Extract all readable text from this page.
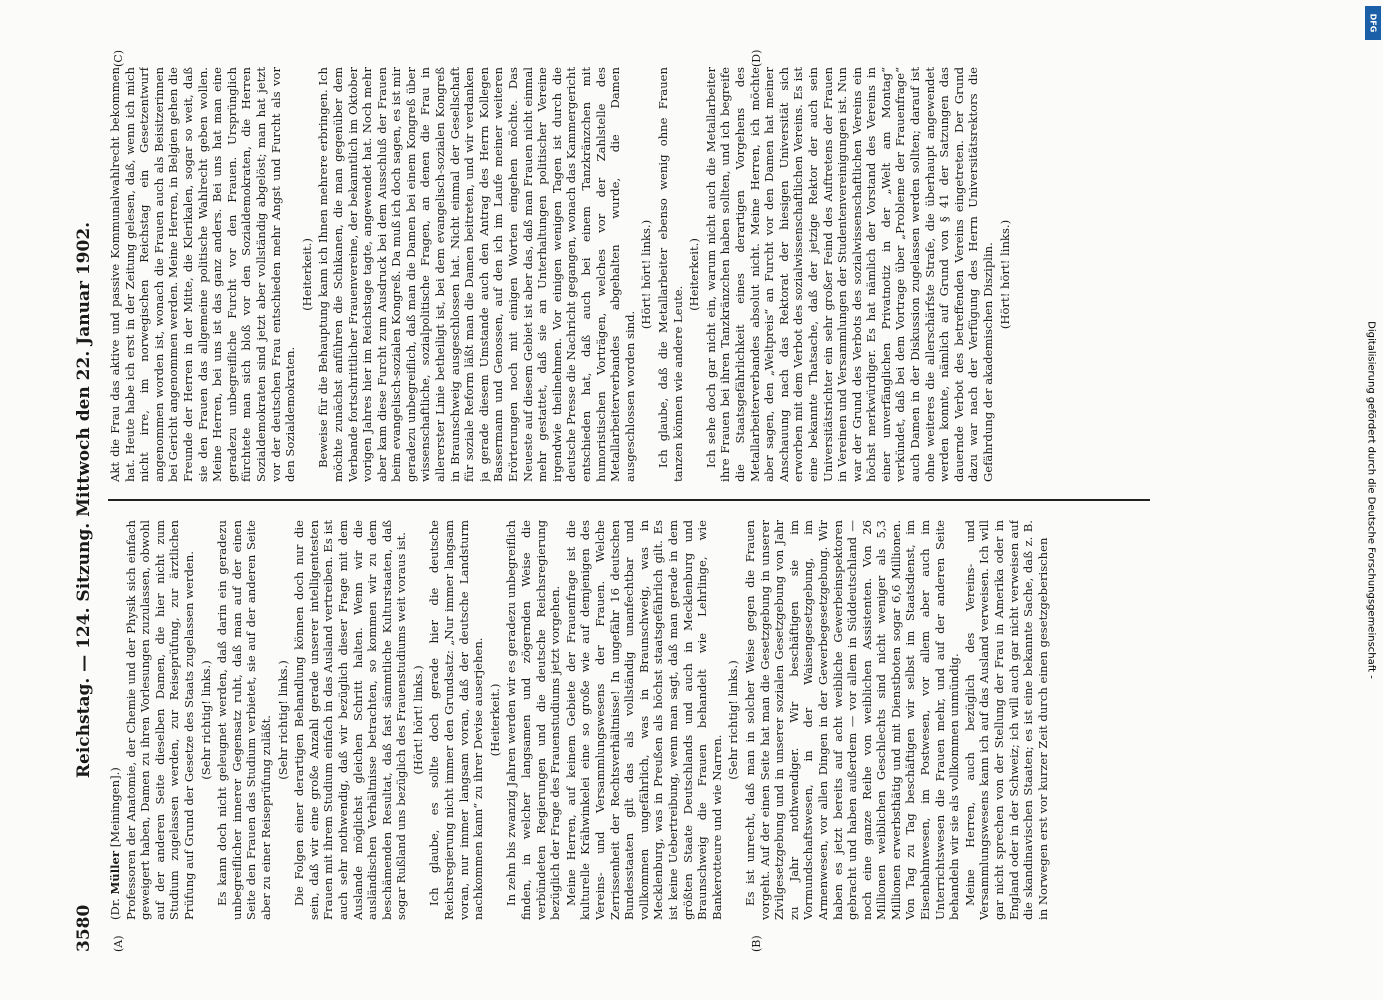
3580
Reichstag. — 124. Sitzung. Mittwoch den 22. Januar 1902.
(A)	(B)
(C)	(D)

(Dr. Müller [Meiningen].) Professoren der Anatomie, der Chemie und der Physik sich einfach geweigert haben, Damen zu ihren Vorlesungen zuzulassen, obwohl auf der anderen Seite dieselben Damen, die hier nicht zum Studium zugelassen werden, zur Reiseprüfung, zur ärztlichen Prüfung auf Grund der Gesetze des Staats zugelassen werden. (Sehr richtig! links.) Es kann doch nicht geleugnet werden, daß darin ein geradezu unbegreiflicher innerer Gegensatz ruht, daß man auf der einen Seite den Frauen das Studium verbietet, sie auf der anderen Seite aber zu einer Reiseprüfung zuläßt. (Sehr richtig! links.) Die Folgen einer derartigen Behandlung können doch nur die sein, daß wir eine große Anzahl gerade unserer intelligentesten Frauen mit ihrem Studium einfach in das Ausland vertreiben. Es ist auch sehr nothwendig, daß wir bezüglich dieser Frage mit dem Auslande möglichst gleichen Schritt halten. Wenn wir die ausländischen Verhältnisse betrachten, so kommen wir zu dem beschämenden Resultat, daß fast sämmtliche Kulturstaaten, daß sogar Rußland uns bezüglich des Frauenstudiums weit voraus ist. (Hört! hört! links.) Ich glaube, es sollte doch gerade hier die deutsche Reichsregierung nicht immer den Grundsatz: „Nur immer langsam voran, nur immer langsam voran, daß der deutsche Landsturm nachkommen kann“ zu ihrer Devise auserjehen. (Heiterkeit.) In zehn bis zwanzig Jahren werden wir es geradezu unbegreiflich finden, in welcher langsamen und zögernden Weise die verbündeten Regierungen und die deutsche Reichsregierung bezüglich der Frage des Frauenstudiums jetzt vorgehen. Meine Herren, auf keinem Gebiete der Frauenfrage ist die kulturelle Krähwinkelei eine so große wie auf demjenigen des Vereins- und Versammlungswesens der Frauen. Welche Zerrissenheit der Rechtsverhältnisse! In ungefähr 16 deutschen Bundesstaaten gilt das als vollständig unanfechtbar und vollkommen ungefährlich, was in Braunschweig, was in Mecklenburg, was in Preußen als höchst staatsgefährlich gilt. Es ist keine Uebertreibung, wenn man sagt, daß man gerade in dem größten Staate Deutschlands und auch in Mecklenburg und Braunschweig die Frauen behandelt wie Lehrlinge, wie Bankerotteure und wie Narren.

(Sehr richtig! links.) Es ist unrecht, daß man in solcher Weise gegen die Frauen vorgeht. Auf der einen Seite hat man die Gesetzgebung in unserer Zivilgesetzgebung und in unserer sozialen Gesetzgebung von Jahr zu Jahr nothwendiger. Wir beschäftigen sie im Vormundschaftswesen, in der Waisengesetzgebung, im Armenwesen, vor allen Dingen in der Gewerbegesetzgebung. Wir haben es jetzt bereits auf acht weibliche Gewerbeinspektoren gebracht und haben außerdem — vor allem in Süddeutschland — noch eine ganze Reihe von weiblichen Assistenten. Von 26 Millionen weiblichen Geschlechts sind nicht weniger als 5,3 Millionen erwerbsthätig und mit Dienstboten sogar 6,6 Millionen. Von Tag zu Tag beschäftigen wir selbst im Staatsdienst, im Eisenbahnwesen, im Postwesen, vor allem aber auch im Unterrichtswesen die Frauen mehr, und auf der anderen Seite behandeln wir sie als vollkommen unmündig. Meine Herren, auch bezüglich des Vereins- und Versammlungswesens kann ich auf das Ausland verweisen. Ich will gar nicht sprechen von der Stellung der Frau in Amerika oder in England oder in der Schweiz; ich will auch gar nicht verweisen auf die skandinavischen Staaten; es ist eine bekannte Sache, daß z. B. in Norwegen erst vor kurzer Zeit durch einen gesetzgeberischen

Akt die Frau das aktive und passive Kommunalwahlrecht bekommen hat. Heute habe ich erst in der Zeitung gelesen, daß, wenn ich mich nicht irre, im norwegischen Reichstag ein Gesetzentwurf angenommen worden ist, wonach die Frauen auch als Beisitzerinnen bei Gericht angenommen werden. Meine Herren, in Belgien gehen die Freunde der Herren in der Mitte, die Klerikalen, sogar so weit, daß sie den Frauen das allgemeine politische Wahlrecht geben wollen. Meine Herren, bei uns ist das ganz anders. Bei uns hat man eine geradezu unbegreifliche Furcht vor den Frauen. Ursprünglich fürchtete man sich bloß vor den Sozialdemokraten, die Herren Sozialdemokraten sind jetzt aber vollständig abgelöst; man hat jetzt vor der deutschen Frau entschieden mehr Angst und Furcht als vor den Sozialdemokraten.

(Heiterkeit.) Beweise für die Behauptung kann ich Ihnen mehrere erbringen. Ich möchte zunächst anführen die Schikanen, die man gegenüber dem Verbande fortschrittlicher Frauenvereine, der bekanntlich im Oktober vorigen Jahres hier im Reichstage tagte, angewendet hat. Noch mehr aber kam diese Furcht zum Ausdruck bei dem Ausschluß der Frauen beim evangelisch-sozialen Kongreß. Da muß ich doch sagen, es ist mir geradezu unbegreiflich, daß man die Damen bei einem Kongreß über wissenschaftliche, sozialpolitische Fragen, an denen die Frau in allererster Linie betheiligt ist, bei dem evangelisch-sozialen Kongreß in Braunschweig ausgeschlossen hat. Nicht einmal der Gesellschaft für soziale Reform läßt man die Damen beitreten, und wir verdanken ja gerade diesem Umstande auch den Antrag des Herrn Kollegen Bassermann und Genossen, auf den ich im Laufe meiner weiteren Erörterungen noch mit einigen Worten eingehen möchte. Das Neueste auf diesem Gebiet ist aber das, daß man Frauen nicht einmal mehr gestattet, daß sie an Unterhaltungen politischer Vereine irgendwie theilnehmen. Vor einigen wenigen Tagen ist durch die deutsche Presse die Nachricht gegangen, wonach das Kammergericht entschieden hat, daß auch bei einem Tanzkränzchen mit humoristischen Vorträgen, welches vor der Zahlstelle des Metallarbeiterverbandes abgehalten wurde, die Damen ausgeschlossen worden sind.

(Hört! hört! links.) Ich glaube, daß die Metallarbeiter ebenso wenig ohne Frauen tanzen können wie andere Leute.

(Heiterkeit.) Ich sehe doch gar nicht ein, warum nicht auch die Metallarbeiter ihre Frauen bei ihren Tanzkränzchen haben sollten, und ich begreife die Staatsgefährlichkeit eines derartigen Vorgehens des Metallarbeiterverbandes absolut nicht. Meine Herren, ich möchte aber sagen, den „Weltpreis“ an Furcht vor den Damen hat meiner Anschauung nach das Rektorat der hiesigen Universität sich erworben mit dem Verbot des sozialwissenschaftlichen Vereins. Es ist eine bekannte Thatsache, daß der jetzige Rektor der auch sein Universitätsrichter ein sehr großer Feind des Auftretens der Frauen in Vereinen und Versammlungen der Studentenvereinigungen ist. Nun war der Grund des Verbots des sozialwissenschaftlichen Vereins ein höchst merkwürdiger. Es hat nämlich der Vorstand des Vereins in einer unverfänglichen Privatnotiz in der „Welt am Montag“ verkündet, daß bei dem Vortrage über „Probleme der Frauenfrage“ auch Damen in der Diskussion zugelassen werden sollten; darauf ist ohne weiteres die allerschärfste Strafe, die überhaupt angewendet werden konnte, nämlich auf Grund von § 41 der Satzungen das dauernde Verbot des betreffenden Vereins eingetreten. Der Grund dazu war nach der Verfügung des Herrn Universitätsrektors die Gefährdung der akademischen Disziplin. (Hört! hört! links.)

Digitalisierung gefördert durch die Deutsche Forschungsgemeinschaft -
DFG
